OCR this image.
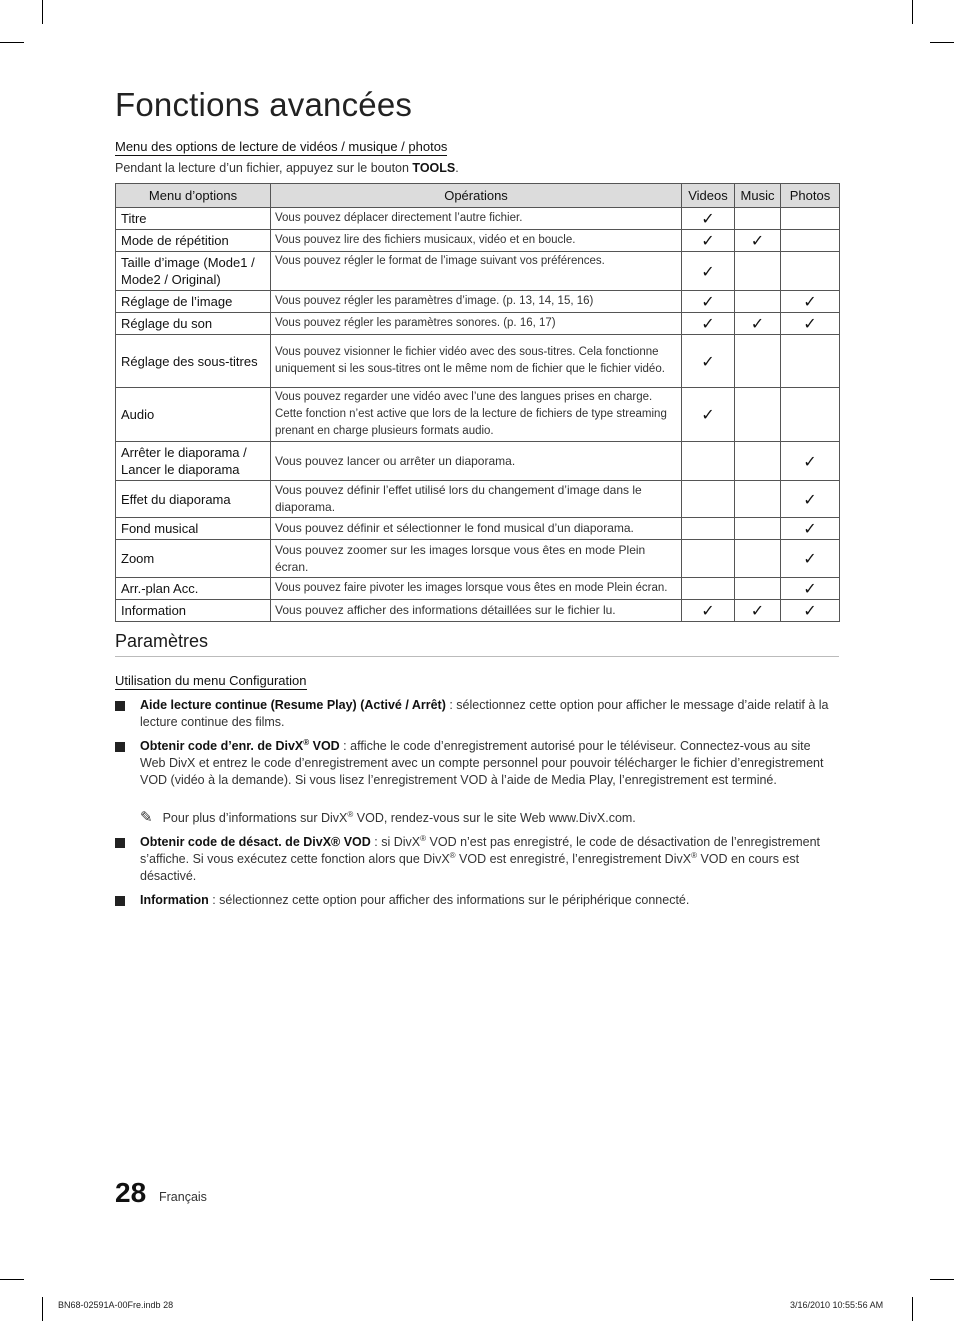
Fonctions avancées
Menu des options de lecture de vidéos / musique / photos
Pendant la lecture d’un fichier, appuyez sur le bouton TOOLS.
Menu d’options	Opérations	Videos	Music	Photos
Titre	Vous pouvez déplacer directement l’autre fichier.	✓		
Mode de répétition	Vous pouvez lire des fichiers musicaux, vidéo et en boucle.	✓	✓	
Taille d’image (Mode1 / Mode2 / Original)	Vous pouvez régler le format de l’image suivant vos préférences.	✓		
Réglage de l’image	Vous pouvez régler les paramètres d’image. (p. 13, 14, 15, 16)	✓		✓
Réglage du son	Vous pouvez régler les paramètres sonores. (p. 16, 17)	✓	✓	✓
Réglage des sous-titres	Vous pouvez visionner le fichier vidéo avec des sous-titres. Cela fonctionne uniquement si les sous-titres ont le même nom de fichier que le fichier vidéo.	✓		
Audio	Vous pouvez regarder une vidéo avec l’une des langues prises en charge. Cette fonction n’est active que lors de la lecture de fichiers de type streaming prenant en charge plusieurs formats audio.	✓		
Arrêter le diaporama / Lancer le diaporama	Vous pouvez lancer ou arrêter un diaporama.			✓
Effet du diaporama	Vous pouvez définir l’effet utilisé lors du changement d’image dans le diaporama.			✓
Fond musical	Vous pouvez définir et sélectionner le fond musical d’un diaporama.			✓
Zoom	Vous pouvez zoomer sur les images lorsque vous êtes en mode Plein écran.			✓
Arr.-plan Acc.	Vous pouvez faire pivoter les images lorsque vous êtes en mode Plein écran.			✓
Information	Vous pouvez afficher des informations détaillées sur le fichier lu.	✓	✓	✓
Paramètres
Utilisation du menu Configuration
Aide lecture continue (Resume Play) (Activé / Arrêt) : sélectionnez cette option pour afficher le message d’aide relatif à la lecture continue des films.
Obtenir code d’enr. de DivX® VOD : affiche le code d’enregistrement autorisé pour le téléviseur. Connectez-vous au site Web DivX et entrez le code d’enregistrement avec un compte personnel pour pouvoir télécharger le fichier d’enregistrement VOD (vidéo à la demande). Si vous lisez l’enregistrement VOD à l’aide de Media Play, l’enregistrement est terminé.
✎ Pour plus d’informations sur DivX® VOD, rendez-vous sur le site Web www.DivX.com.
Obtenir code de désact. de DivX® VOD : si DivX® VOD n’est pas enregistré, le code de désactivation de l’enregistrement s’affiche. Si vous exécutez cette fonction alors que DivX® VOD est enregistré, l’enregistrement DivX® VOD en cours est désactivé.
Information : sélectionnez cette option pour afficher des informations sur le périphérique connecté.
28 Français
BN68-02591A-00Fre.indb 28	3/16/2010 10:55:56 AM
